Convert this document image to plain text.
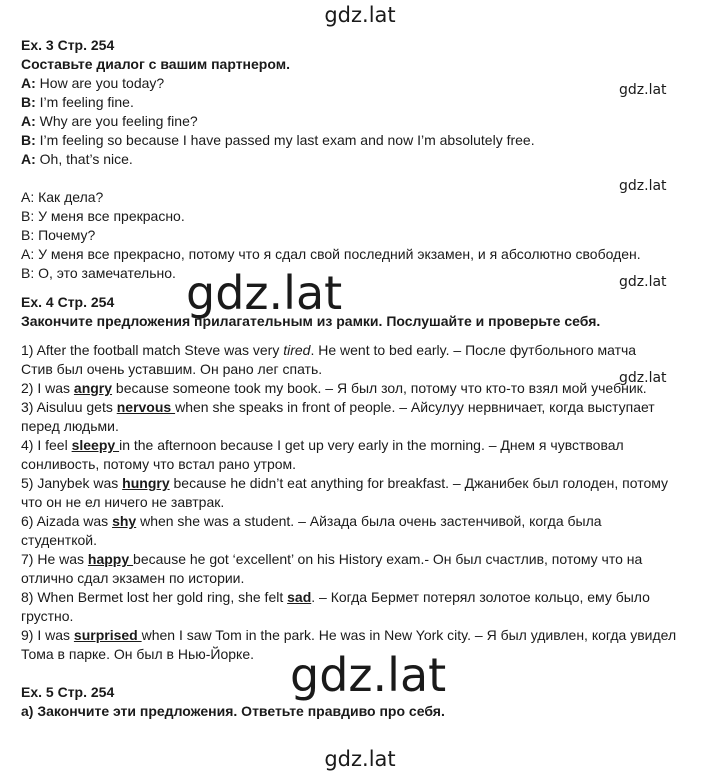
gdz.lat
Ex. 3 Стр. 254
Составьте диалог с вашим партнером.
A: How are you today?
B: I’m feeling fine.
A: Why are you feeling fine?
B: I’m feeling so because I have passed my last exam and now I’m absolutely free.
A: Oh, that’s nice.
А: Как дела?
В: У меня все прекрасно.
В: Почему?
А: У меня все прекрасно, потому что я сдал свой последний экзамен, и я абсолютно свободен.
В: О, это замечательно.
Ex. 4 Стр. 254
Закончите предложения прилагательным из рамки. Послушайте и проверьте себя.
1) After the football match Steve was very tired. He went to bed early. – После футбольного матча
Стив был очень уставшим. Он рано лег спать.
2) I was angry because someone took my book. – Я был зол, потому что кто-то взял мой учебник.
3) Aisuluu gets nervous when she speaks in front of people. – Айсулуу нервничает, когда выступает
перед людьми.
4) I feel sleepy in the afternoon because I get up very early in the morning. – Днем я чувствовал
сонливость, потому что встал рано утром.
5) Janybek was hungry because he didn’t eat anything for breakfast. – Джанибек был голоден, потому
что он не ел ничего не завтрак.
6) Aizada was shy when she was a student. – Айзада была очень застенчивой, когда была
студенткой.
7) He was happy because he got ‘excellent’ on his History exam.- Он был счастлив, потому что на
отлично сдал экзамен по истории.
8) When Bermet lost her gold ring, she felt sad. – Когда Бермет потерял золотое кольцо, ему было
грустно.
9) I was surprised when I saw Tom in the park. He was in New York city. – Я был удивлен, когда увидел
Тома в парке. Он был в Нью-Йорке.
Ex. 5 Стр. 254
a) Закончите эти предложения. Ответьте правдиво про себя.
gdz.lat
gdz.lat
gdz.lat
gdz.lat
gdz.lat
gdz.lat
gdz.lat
